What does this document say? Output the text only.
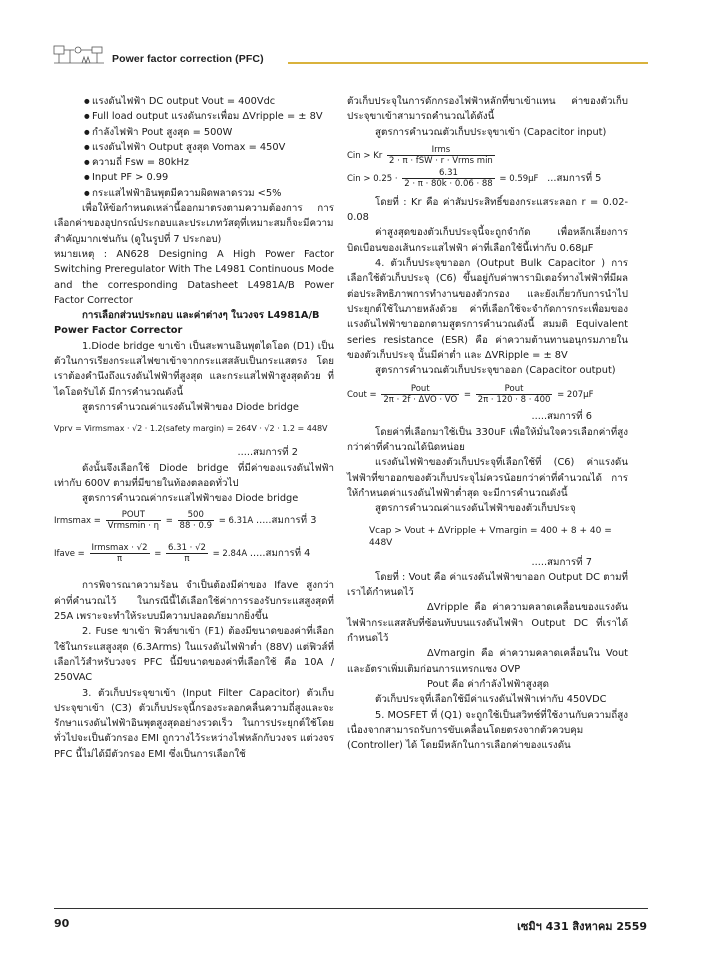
Power factor correction (PFC)

● แรงดันไฟฟ้า DC output Vout = 400Vdc

● Full load output แรงดันกระเพื่อม ΔVripple = ± 8V

● กำลังไฟฟ้า Pout สูงสุด = 500W

● แรงดันไฟฟ้า Output สูงสุด Vomax = 450V

● ความถี่ Fsw = 80kHz

● Input PF > 0.99

● กระแสไฟฟ้าอินพุตมีความผิดพลาดรวม <5%

เพื่อให้ข้อกำหนดเหล่านี้ออกมาตรงตามความต้องการ การเลือกค่าของอุปกรณ์ประกอบและประเภทวัสดุที่เหมาะสมก็จะมีความสำคัญมากเช่นกัน (ดูในรูปที่ 7 ประกอบ)

หมายเหตุ : AN628 Designing A High Power Factor Switching Preregulator With The L4981 Continuous Mode and the corresponding Datasheet L4981A/B Power Factor Corrector

การเลือกส่วนประกอบ และค่าต่างๆ ในวงจร L4981A/B Power Factor Corrector

1.Diode bridge ขาเข้า เป็นสะพานอินพุตไดโอด (D1) เป็นตัวในการเรียงกระแสไฟขาเข้าจากกระแสสลับเป็นกระแสตรง โดยเราต้องคำนึงถึงแรงดันไฟฟ้าที่สูงสุด และกระแสไฟฟ้าสูงสุดด้วย ที่ไดโอดรับได้ มีการคำนวณดังนี้

สูตรการคำนวณค่าแรงดันไฟฟ้าของ Diode bridge

Vprv = Virmsmax · √2 · 1.2(safety margin) = 264V · √2 · 1.2 = 448V

.....สมการที่ 2

ดังนั้นจึงเลือกใช้ Diode bridge ที่มีค่าของแรงดันไฟฟ้าเท่ากับ 600V ตามที่มีขายในท้องตลอดทั่วไป

สูตรการคำนวณค่ากระแสไฟฟ้าของ Diode bridge

Irmsmax = $\frac{\text{POUT}}{\text{Vrmsmin · η}} = \frac{500}{88 \cdot 0.9} = 6.31A$ .....สมการที่ 3
Ifave = $\frac{\text{Irmsmax · √2}}{\pi} = \frac{6.31 \cdot √2}{\pi} = 2.84A$ .....สมการที่ 4

การพิจารณาความร้อน จำเป็นต้องมีค่าของ Ifave สูงกว่าค่าที่คำนวณไว้ ในกรณีนี้ได้เลือกใช้ค่าการรองรับกระแสสูงสุดที่ 25A เพราะจะทำให้ระบบมีความปลอดภัยมากยิ่งขึ้น

2. Fuse ขาเข้า ฟิวส์ขาเข้า (F1) ต้องมีขนาดของค่าที่เลือกใช้ในกระแสสูงสุด (6.3Arms) ในแรงดันไฟฟ้าต่ำ (88V) แต่ฟิวส์ที่เลือกไว้สำหรับวงจร PFC นี้มีขนาดของค่าที่เลือกใช้ คือ 10A / 250VAC

3. ตัวเก็บประจุขาเข้า (Input Filter Capacitor) ตัวเก็บประจุขาเข้า (C3) ตัวเก็บประจุนี้กรองระลอกคลื่นความถี่สูงและจะรักษาแรงดันไฟฟ้าอินพุตสูงสุดอย่างรวดเร็ว ในการประยุกต์ใช้โดยทั่วไปจะเป็นตัวกรอง EMI ถูกวางไว้ระหว่างไฟหลักกับวงจร แต่วงจร PFC นี้ไม่ได้มีตัวกรอง EMI ซึ่งเป็นการเลือกใช้

ตัวเก็บประจุในการดักกรองไฟฟ้าหลักที่ขาเข้าแทน ค่าของตัวเก็บประจุขาเข้าสามารถคำนวณได้ดังนี้

สูตรการคำนวณตัวเก็บประจุขาเข้า (Capacitor input)

Cin > Kr $\frac{\text{Irms}}{\text{2 · π · fSW · r · Vrms min}}$
Cin > $0.25 \cdot \frac{6.31}{2 \cdot \pi \cdot 80k \cdot 0.06 \cdot 88} = 0.59\mu F$ ...สมการที่ 5

โดยที่ : Kr คือ ค่าสัมประสิทธิ์ของกระแสระลอก r = 0.02-0.08

ค่าสูงสุดของตัวเก็บประจุนี้จะถูกจำกัด เพื่อหลีกเลี่ยงการบิดเบือนของเส้นกระแสไฟฟ้า ค่าที่เลือกใช้นี้เท่ากับ 0.68μF

4. ตัวเก็บประจุขาออก (Output Bulk Capacitor ) การเลือกใช้ตัวเก็บประจุ (C6) ขึ้นอยู่กับค่าพารามิเตอร์ทางไฟฟ้าที่มีผลต่อประสิทธิภาพการทำงานของตัวกรอง และยังเกี่ยวกับการนำไปประยุกต์ใช้ในภายหลังด้วย ค่าที่เลือกใช้จะจำกัดการกระเพื่อมของแรงดันไฟฟ้าขาออกตามสูตรการคำนวณดังนี้ สมมติ Equivalent series resistance (ESR) คือ ค่าความต้านทานอนุกรมภายในของตัวเก็บประจุ นั้นมีค่าต่ำ และ ΔVRipple = ± 8V

สูตรการคำนวณตัวเก็บประจุขาออก (Capacitor output)

Cout = $\frac{\text{Pout}}{\text{2π · 2f · ΔVO · VO}} = \frac{\text{Pout}}{2\pi \cdot 120 \cdot 8 \cdot 400} = 207\mu F$

.....สมการที่ 6

โดยค่าที่เลือกมาใช้เป็น 330uF เพื่อให้มั่นใจควรเลือกค่าที่สูงกว่าค่าที่คำนวณได้นิดหน่อย

แรงดันไฟฟ้าของตัวเก็บประจุที่เลือกใช้ที่ (C6) ค่าแรงดันไฟฟ้าที่ขาออกของตัวเก็บประจุไม่ควรน้อยกว่าค่าที่คำนวณได้ การให้กำหนดค่าแรงดันไฟฟ้าต่ำสุด จะมีการคำนวณดังนี้

สูตรการคำนวณค่าแรงดันไฟฟ้าของตัวเก็บประจุ

Vcap > Vout + ΔVripple + Vmargin = 400 + 8 + 40 = 448V

.....สมการที่ 7

โดยที่ : Vout คือ ค่าแรงดันไฟฟ้าขาออก Output DC ตามที่เราได้กำหนดไว้

ΔVripple คือ ค่าความคลาดเคลื่อนของแรงดันไฟฟ้ากระแสสลับที่ซ้อนทับบนแรงดันไฟฟ้า Output DC ที่เราได้กำหนดไว้

ΔVmargin คือ ค่าความคลาดเคลื่อนใน Vout และอัตราเพิ่มเติมก่อนการแทรกแซง OVP

Pout คือ ค่ากำลังไฟฟ้าสูงสุด

ตัวเก็บประจุที่เลือกใช้มีค่าแรงดันไฟฟ้าเท่ากับ 450VDC

5. MOSFET ที่ (Q1) จะถูกใช้เป็นสวิทช์ที่ใช้งานกับความถี่สูง เนื่องจากสามารถรับการขับเคลื่อนโดยตรงจากตัวควบคุม (Controller) ได้ โดยมีหลักในการเลือกค่าของแรงดัน

90	เซมิฯ 431 สิงหาคม 2559
